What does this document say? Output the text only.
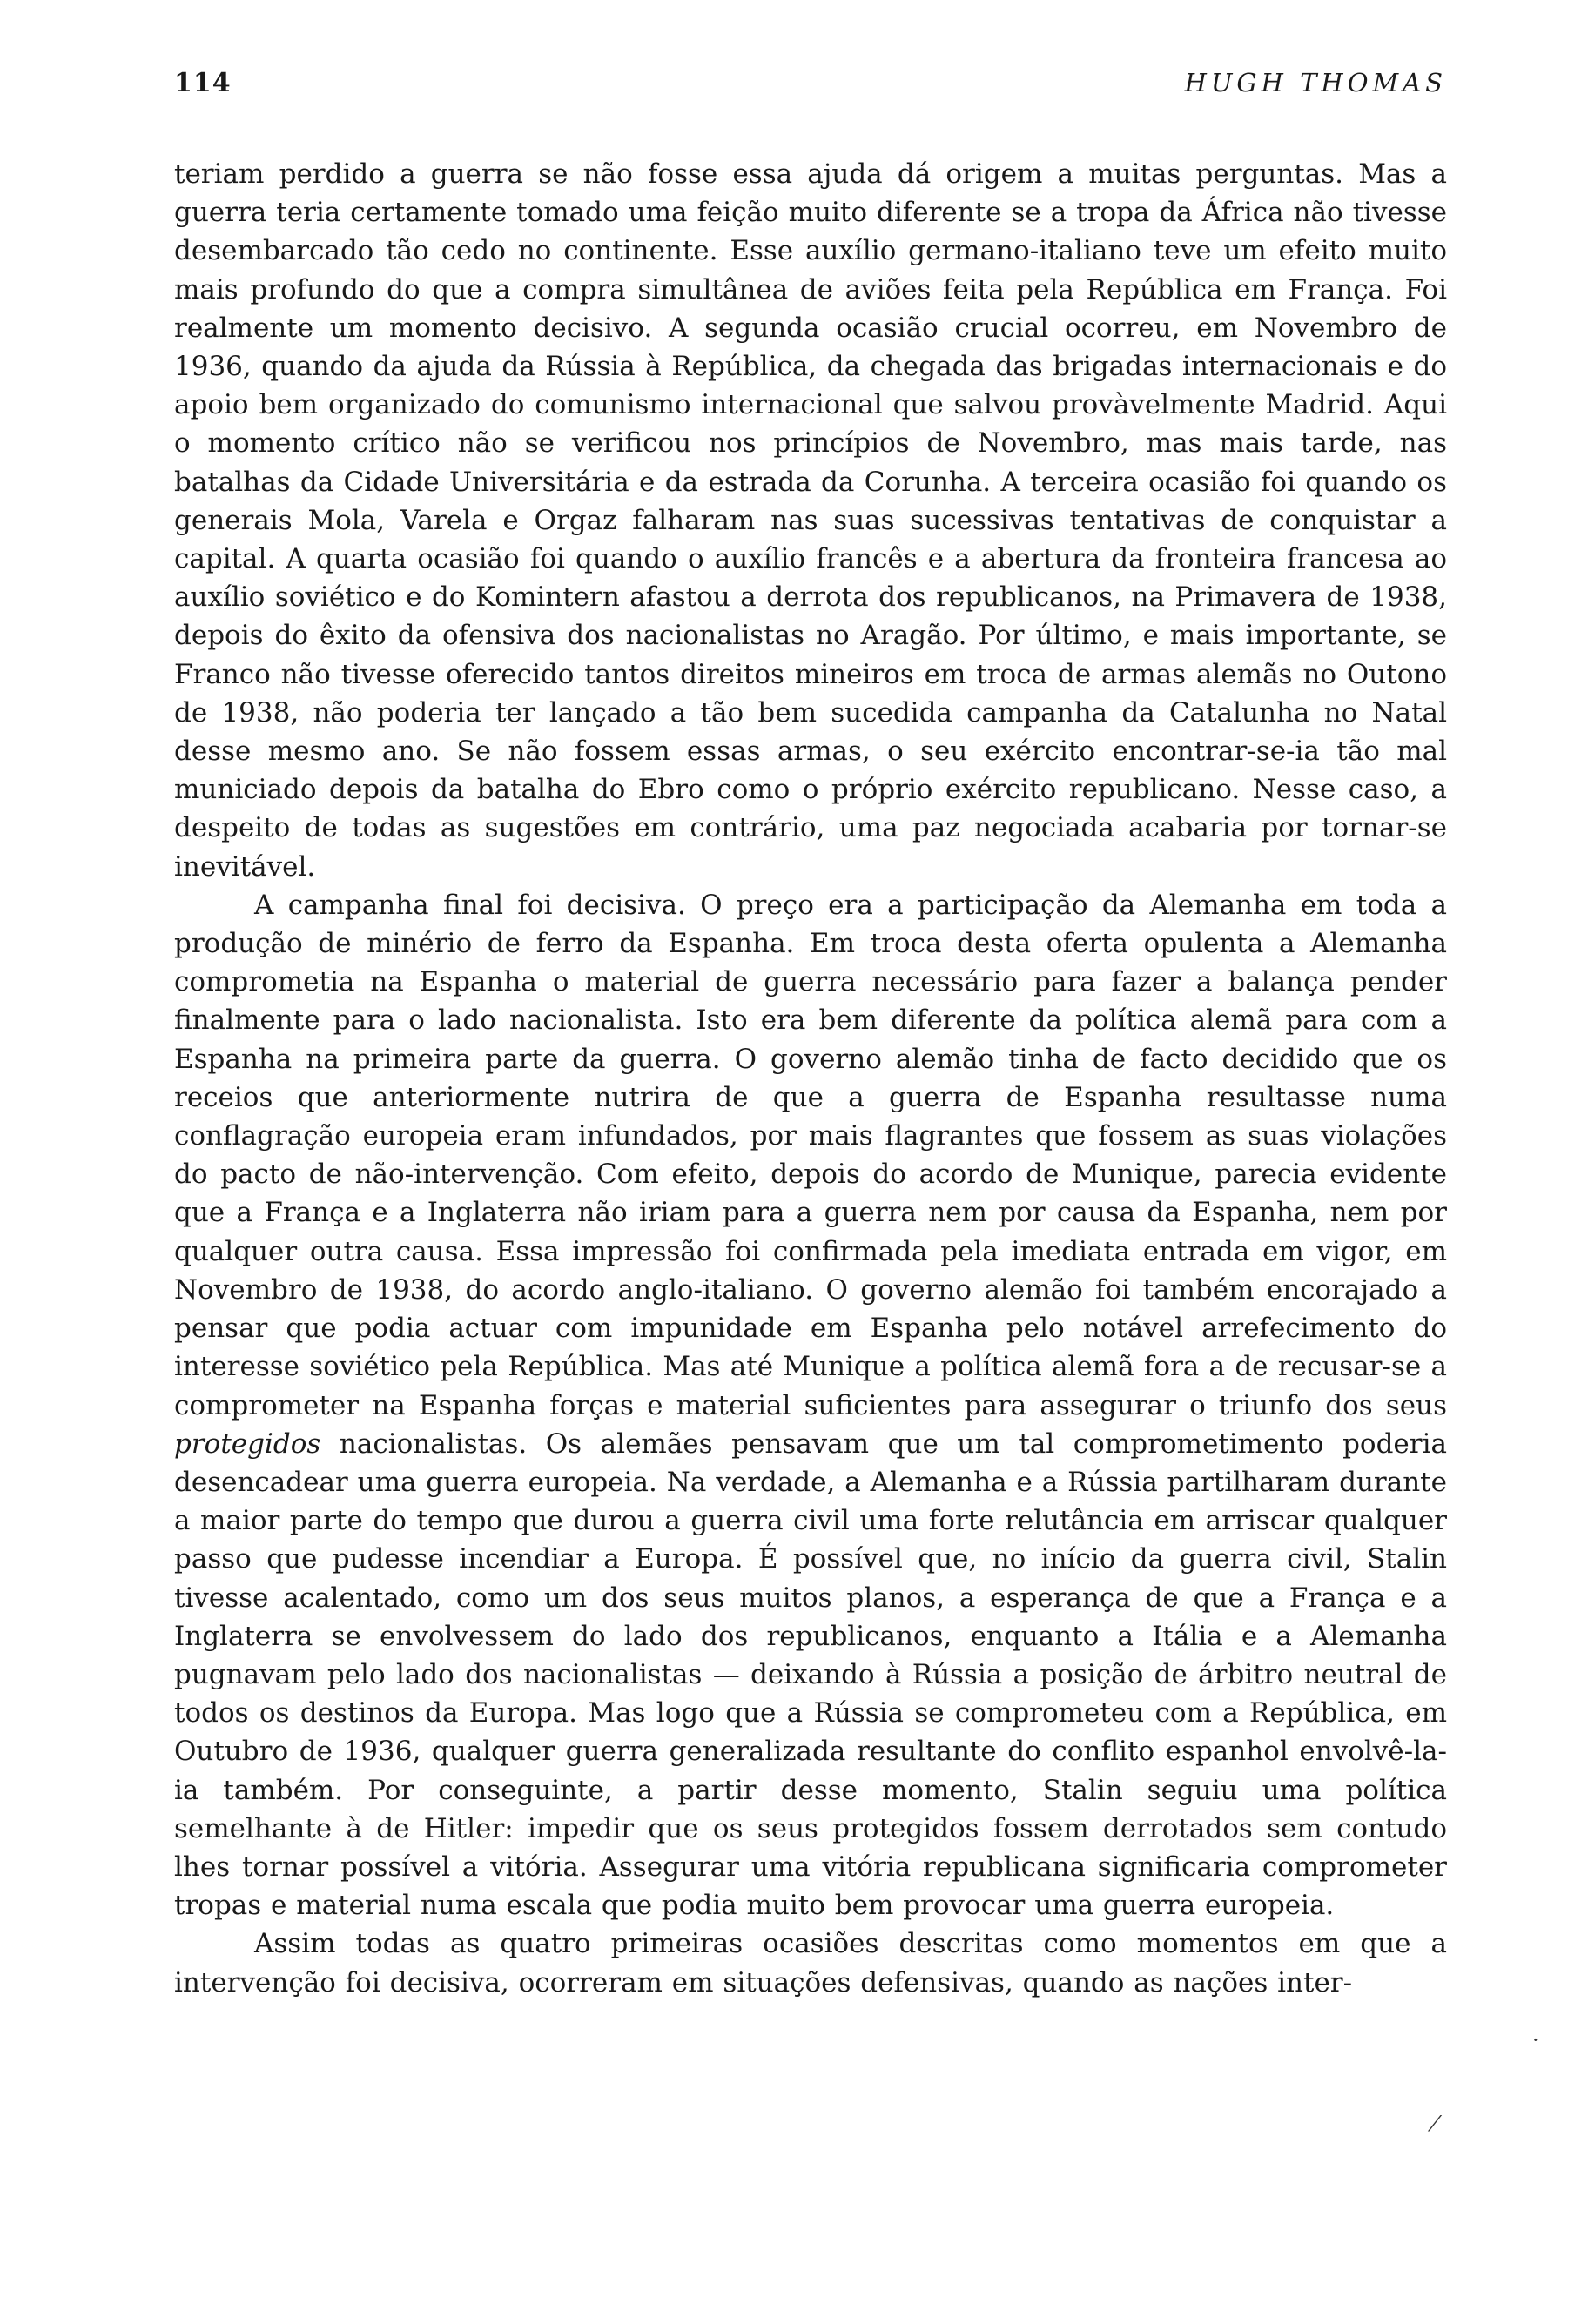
114	HUGH THOMAS

teriam perdido a guerra se não fosse essa ajuda dá origem a muitas perguntas. Mas a guerra teria certamente tomado uma feição muito diferente se a tropa da África não tivesse desembarcado tão cedo no continente. Esse auxílio germano-italiano teve um efeito muito mais profundo do que a compra simultânea de aviões feita pela República em França. Foi realmente um momento decisivo. A segunda ocasião crucial ocorreu, em Novembro de 1936, quando da ajuda da Rússia à República, da chegada das brigadas internacionais e do apoio bem organizado do comunismo internacional que salvou provàvelmente Madrid. Aqui o momento crítico não se verificou nos princípios de Novembro, mas mais tarde, nas batalhas da Cidade Universitária e da estrada da Corunha. A terceira ocasião foi quando os generais Mola, Varela e Orgaz falharam nas suas sucessivas tentativas de conquistar a capital. A quarta ocasião foi quando o auxílio francês e a abertura da fronteira francesa ao auxílio soviético e do Komintern afastou a derrota dos republicanos, na Primavera de 1938, depois do êxito da ofensiva dos nacionalistas no Aragão. Por último, e mais importante, se Franco não tivesse oferecido tantos direitos mineiros em troca de armas alemãs no Outono de 1938, não poderia ter lançado a tão bem sucedida campanha da Catalunha no Natal desse mesmo ano. Se não fossem essas armas, o seu exército encontrar-se-ia tão mal municiado depois da batalha do Ebro como o próprio exército republicano. Nesse caso, a despeito de todas as sugestões em contrário, uma paz negociada acabaria por tornar-se inevitável.

A campanha final foi decisiva. O preço era a participação da Alemanha em toda a produção de minério de ferro da Espanha. Em troca desta oferta opulenta a Alemanha comprometia na Espanha o material de guerra necessário para fazer a balança pender finalmente para o lado nacionalista. Isto era bem diferente da política alemã para com a Espanha na primeira parte da guerra. O governo alemão tinha de facto decidido que os receios que anteriormente nutrira de que a guerra de Espanha resultasse numa conflagração europeia eram infundados, por mais flagrantes que fossem as suas violações do pacto de não-intervenção. Com efeito, depois do acordo de Munique, parecia evidente que a França e a Inglaterra não iriam para a guerra nem por causa da Espanha, nem por qualquer outra causa. Essa impressão foi confirmada pela imediata entrada em vigor, em Novembro de 1938, do acordo anglo-italiano. O governo alemão foi também encorajado a pensar que podia actuar com impunidade em Espanha pelo notável arrefecimento do interesse soviético pela República. Mas até Munique a política alemã fora a de recusar-se a comprometer na Espanha forças e material suficientes para assegurar o triunfo dos seus protegidos nacionalistas. Os alemães pensavam que um tal comprometimento poderia desencadear uma guerra europeia. Na verdade, a Alemanha e a Rússia partilharam durante a maior parte do tempo que durou a guerra civil uma forte relutância em arriscar qualquer passo que pudesse incendiar a Europa. É possível que, no início da guerra civil, Stalin tivesse acalentado, como um dos seus muitos planos, a esperança de que a França e a Inglaterra se envolvessem do lado dos republicanos, enquanto a Itália e a Alemanha pugnavam pelo lado dos nacionalistas — deixando à Rússia a posição de árbitro neutral de todos os destinos da Europa. Mas logo que a Rússia se comprometeu com a República, em Outubro de 1936, qualquer guerra generalizada resultante do conflito espanhol envolvê-la-ia também. Por conseguinte, a partir desse momento, Stalin seguiu uma política semelhante à de Hitler: impedir que os seus protegidos fossem derrotados sem contudo lhes tornar possível a vitória. Assegurar uma vitória republicana significaria comprometer tropas e material numa escala que podia muito bem provocar uma guerra europeia.

Assim todas as quatro primeiras ocasiões descritas como momentos em que a intervenção foi decisiva, ocorreram em situações defensivas, quando as nações inter-

·
⁄
